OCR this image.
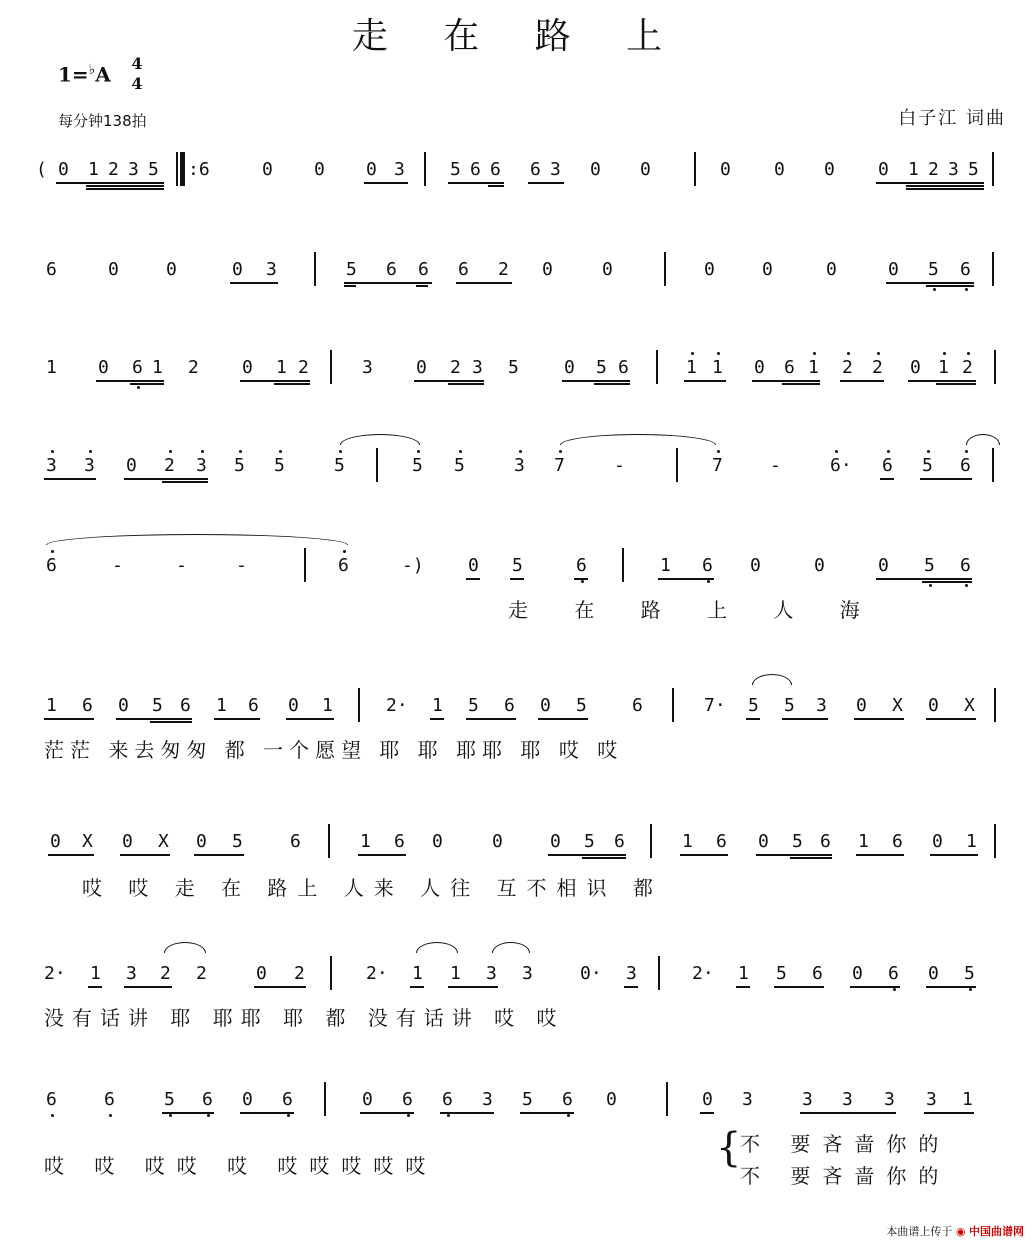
走 在 路 上
1=♭A 4
4
每分钟138拍	白子江 词曲
( 0 1 2 3 5 :6	0 0 0 3	5 6 6 6 3 0 0	0 0 0 0 1 2 3 5
6	0	0	0 3	5 6 6 6 2 0	0	0	0	0	0 5 6
1 0 6 1 2 0 1 2	3 0 2 3 5	0 5 6	1 1 0 6 1 2 2 0 1 2
3 3 0 2 3 5 5	5	5 5	3 7	-	7	-	6· 6 5 6
6	-	-	-	6	-) 0 5	6	1 6 0	0	0 5 6
走 在 路 上 人 海
1 6 0 5 6 1 6 0 1	2· 1 5 6 0 5	6	7· 5 5 3 0 X 0 X
茫茫 来去匆匆 都 一个愿望 耶 耶 耶耶 耶 哎 哎
0 X 0 X 0 5	6	1 6 0	0	0 5 6	1 6 0 5 6 1 6 0 1
哎 哎 走 在 路上 人来 人往 互不相识 都
2· 1 3 2 2	0 2	2· 1 1 3 3	0· 3	2· 1 5 6 0 6 0 5
没有话讲 耶 耶耶 耶 都 没有话讲 哎 哎
6	6	5 6 0 6	0 6 6 3 5 6 0	0 3	3 3 3 3 1
哎 哎 哎哎 哎 哎哎哎哎哎	{
不 要吝啬你的
不 要吝啬你的
本曲谱上传于 ◉ 中国曲谱网
